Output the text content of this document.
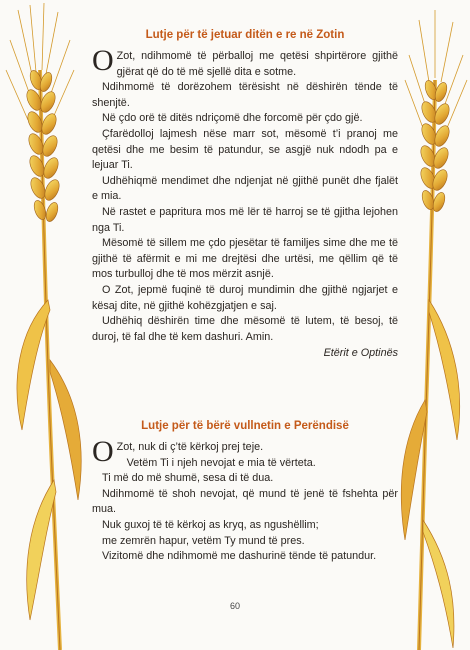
Lutje për të jetuar ditën e re në Zotin

O Zot, ndihmomë të përballoj me qetësi shpirtërore gjithë gjërat që do të më sjellë dita e sotme.

Ndihmomë të dorëzohem tërësisht në dëshirën tënde të shenjtë.

Në çdo orë të ditës ndriçomë dhe forcomë për çdo gjë.

Çfarëdolloj lajmesh nëse marr sot, mësomë t’i pranoj me qetësi dhe me besim të patundur, se asgjë nuk ndodh pa e lejuar Ti.

Udhëhiqmë mendimet dhe ndjenjat në gjithë punët dhe fjalët e mia.

Në rastet e papritura mos më lër të harroj se të gjitha lejohen nga Ti.

Mësomë të sillem me çdo pjesëtar të familjes sime dhe me të gjithë të afërmit e mi me drejtësi dhe urtësi, me qëllim që të mos turbulloj dhe të mos mërzit asnjë.

O Zot, jepmë fuqinë të duroj mundimin dhe gjithë ngjarjet e kësaj dite, në gjithë kohëzgjatjen e saj.

Udhëhiq dëshirën time dhe mësomë të lutem, të besoj, të duroj, të fal dhe të kem dashuri. Amin.

Etërit e Optinës

Lutje për të bërë vullnetin e Perëndisë

O Zot, nuk di ç’të kërkoj prej teje.

Vetëm Ti i njeh nevojat e mia të vërteta.

Ti më do më shumë, sesa di të dua.

Ndihmomë të shoh nevojat, që mund të jenë të fshehta për mua.

Nuk guxoj të të kërkoj as kryq, as ngushëllim;

me zemrën hapur, vetëm Ty mund të pres.

Vizitomë dhe ndihmomë me dashurinë tënde të patundur.

60
